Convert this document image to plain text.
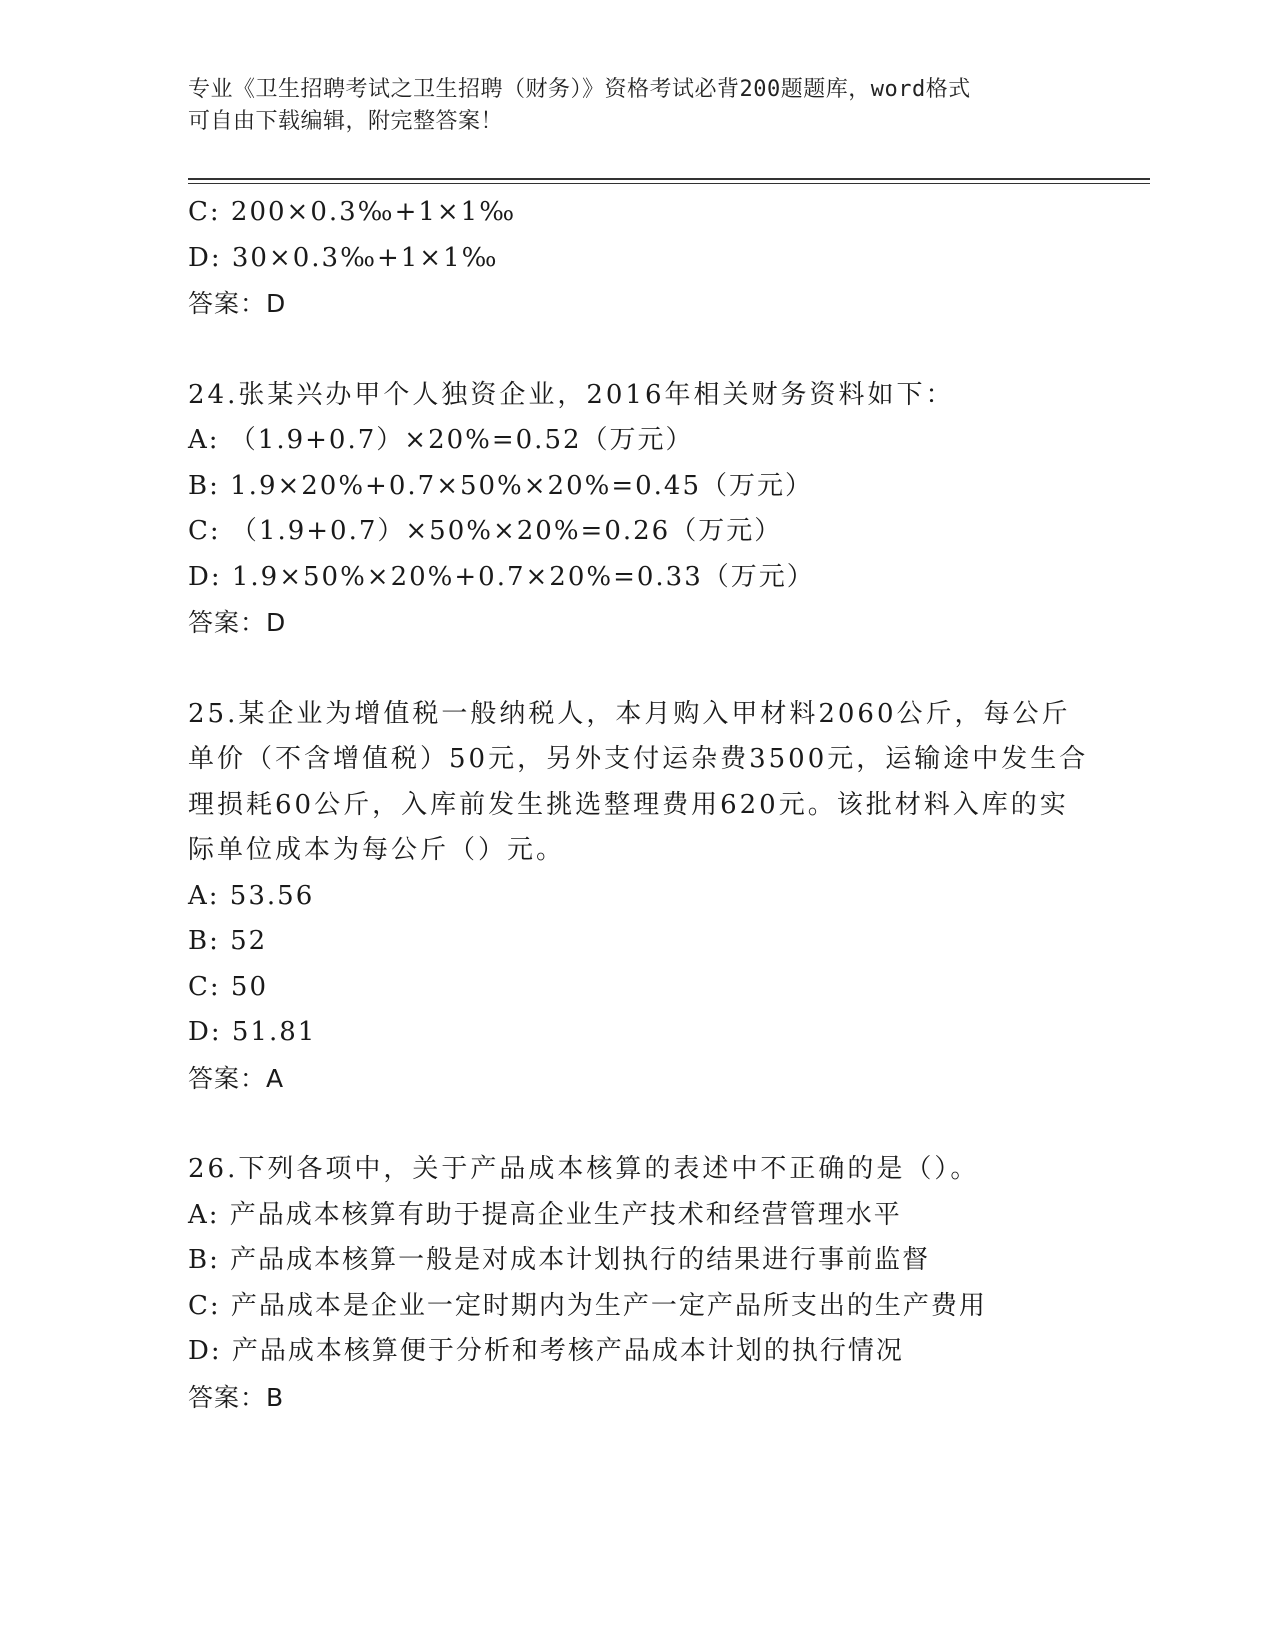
专业《卫生招聘考试之卫生招聘（财务）》资格考试必背200题题库，word格式
可自由下载编辑，附完整答案！
C: 200×0.3‰+1×1‰
D: 30×0.3‰+1×1‰
答案：D
24.张某兴办甲个人独资企业，2016年相关财务资料如下：
A: （1.9+0.7）×20%=0.52（万元）
B: 1.9×20%+0.7×50%×20%=0.45（万元）
C: （1.9+0.7）×50%×20%=0.26（万元）
D: 1.9×50%×20%+0.7×20%=0.33（万元）
答案：D
25.某企业为增值税一般纳税人，本月购入甲材料2060公斤，每公斤
单价（不含增值税）50元，另外支付运杂费3500元，运输途中发生合
理损耗60公斤，入库前发生挑选整理费用620元。该批材料入库的实
际单位成本为每公斤（）元。
A: 53.56
B: 52
C: 50
D: 51.81
答案：A
26.下列各项中，关于产品成本核算的表述中不正确的是（）。
A: 产品成本核算有助于提高企业生产技术和经营管理水平
B: 产品成本核算一般是对成本计划执行的结果进行事前监督
C: 产品成本是企业一定时期内为生产一定产品所支出的生产费用
D: 产品成本核算便于分析和考核产品成本计划的执行情况
答案：B
